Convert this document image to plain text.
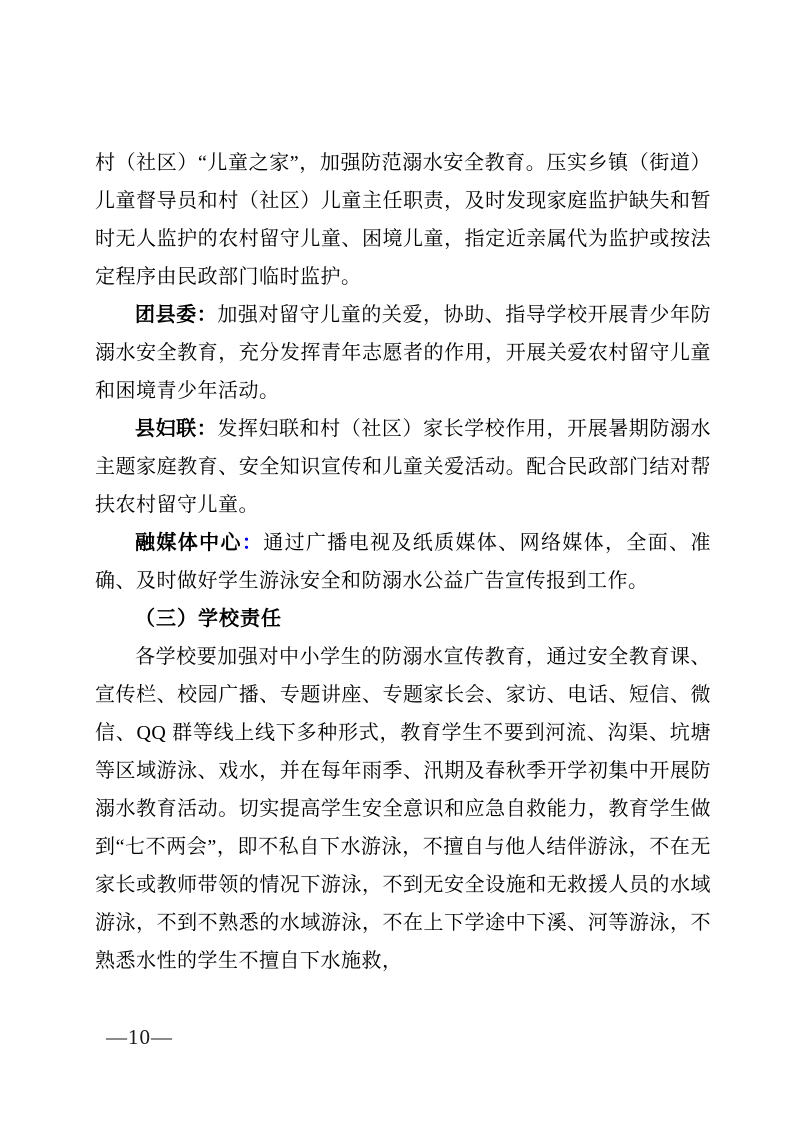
村（社区）“儿童之家”，加强防范溺水安全教育。压实乡镇（街道）儿童督导员和村（社区）儿童主任职责，及时发现家庭监护缺失和暂时无人监护的农村留守儿童、困境儿童，指定近亲属代为监护或按法定程序由民政部门临时监护。

团县委：加强对留守儿童的关爱，协助、指导学校开展青少年防溺水安全教育，充分发挥青年志愿者的作用，开展关爱农村留守儿童和困境青少年活动。

县妇联：发挥妇联和村（社区）家长学校作用，开展暑期防溺水主题家庭教育、安全知识宣传和儿童关爱活动。配合民政部门结对帮扶农村留守儿童。

融媒体中心：通过广播电视及纸质媒体、网络媒体，全面、准确、及时做好学生游泳安全和防溺水公益广告宣传报到工作。

（三）学校责任

各学校要加强对中小学生的防溺水宣传教育，通过安全教育课、宣传栏、校园广播、专题讲座、专题家长会、家访、电话、短信、微信、QQ 群等线上线下多种形式，教育学生不要到河流、沟渠、坑塘等区域游泳、戏水，并在每年雨季、汛期及春秋季开学初集中开展防溺水教育活动。切实提高学生安全意识和应急自救能力，教育学生做到“七不两会”，即不私自下水游泳，不擅自与他人结伴游泳，不在无家长或教师带领的情况下游泳，不到无安全设施和无救援人员的水域游泳，不到不熟悉的水域游泳，不在上下学途中下溪、河等游泳，不熟悉水性的学生不擅自下水施救，

—10—
